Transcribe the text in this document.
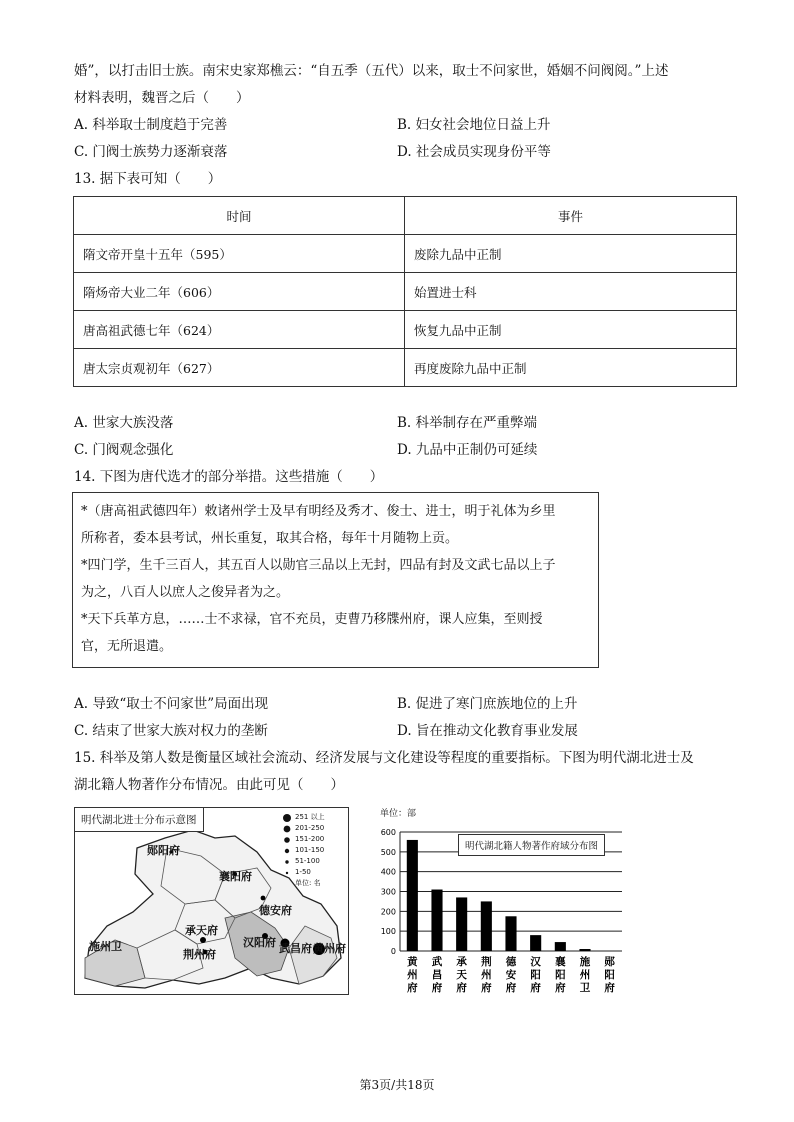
婚”，以打击旧士族。南宋史家郑樵云：“自五季（五代）以来，取士不问家世，婚姻不问阀阅。”上述
材料表明，魏晋之后（　　）
A. 科举取士制度趋于完善	B. 妇女社会地位日益上升
C. 门阀士族势力逐渐衰落	D. 社会成员实现身份平等
13. 据下表可知（　　）
时间	事件
隋文帝开皇十五年（595）	废除九品中正制
隋炀帝大业二年（606）	始置进士科
唐高祖武德七年（624）	恢复九品中正制
唐太宗贞观初年（627）	再度废除九品中正制
A. 世家大族没落	B. 科举制存在严重弊端
C. 门阀观念强化	D. 九品中正制仍可延续
14. 下图为唐代选才的部分举措。这些措施（　　）

*（唐高祖武德四年）敕诸州学士及早有明经及秀才、俊士、进士，明于礼体为乡里

所称者，委本县考试，州长重复，取其合格，每年十月随物上贡。

*四门学，生千三百人，其五百人以勋官三品以上无封，四品有封及文武七品以上子

为之，八百人以庶人之俊异者为之。

*天下兵革方息，……士不求禄，官不充员，吏曹乃移牒州府，课人应集，至则授

官，无所退遣。

A. 导致“取士不问家世”局面出现	B. 促进了寒门庶族地位的上升
C. 结束了世家大族对权力的垄断	D. 旨在推动文化教育事业发展
15. 科举及第人数是衡量区域社会流动、经济发展与文化建设等程度的重要指标。下图为明代湖北进士及
湖北籍人物著作分布情况。由此可见（　　）
明代湖北进士分布示意图	251 以上
201-250
151-200
101-150
51-100
1-50
单位: 名
郧阳府
襄阳府
德安府
承天府
汉阳府 武昌府 黄州府
施州卫
荆州府
单位：部
0
100
200
300
400
500
600
黄州府
武昌府
承天府
荆州府
德安府
汉阳府
襄阳府
施州卫
郧阳府
明代湖北籍人物著作府域分布图
第3页/共18页
